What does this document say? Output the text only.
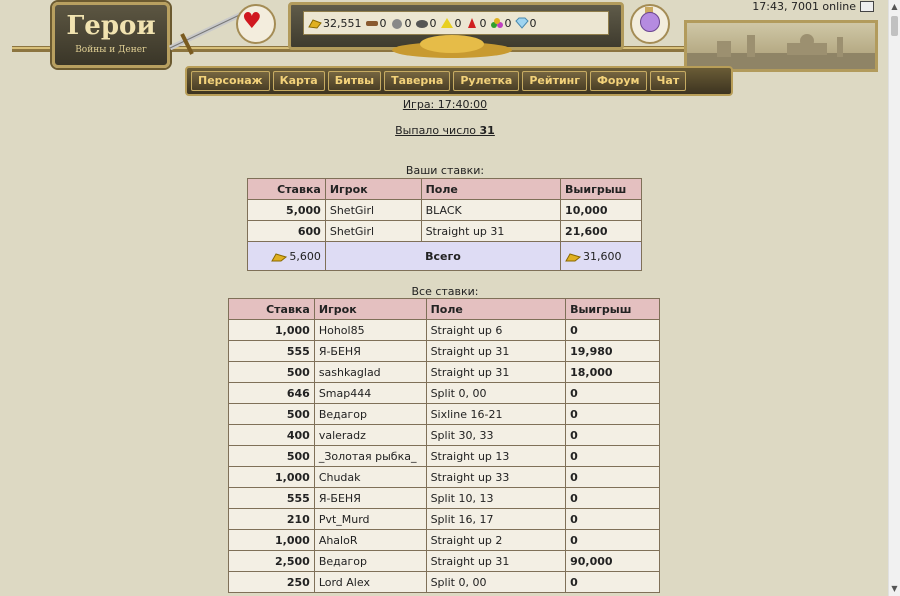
▲
▼
Герои
Войны и Денег
♥	32,551 0 0 0 0 0 0 0
Персонаж	Карта	Битвы	Таверна	Рулетка	Рейтинг	Форум	Чат
17:43, 7001 online
Игра: 17:40:00
Выпало число 31
Ваши ставки:
Ставка	Игрок	Поле	Выигрыш
5,000	ShetGirl	BLACK	10,000
600	ShetGirl	Straight up 31	21,600
5,600	Всего		31,600
Все ставки:
Ставка	Игрок	Поле	Выигрыш
1,000	Hohol85	Straight up 6	0
555	Я-БЕНЯ	Straight up 31	19,980
500	sashkaglad	Straight up 31	18,000
646	Smap444	Split 0, 00	0
500	Ведагор	Sixline 16-21	0
400	valeradz	Split 30, 33	0
500	_Золотая рыбка_	Straight up 13	0
1,000	Chudak	Straight up 33	0
555	Я-БЕНЯ	Split 10, 13	0
210	Pvt_Murd	Split 16, 17	0
1,000	AhaloR	Straight up 2	0
2,500	Ведагор	Straight up 31	90,000
250	Lord Alex	Split 0, 00	0
